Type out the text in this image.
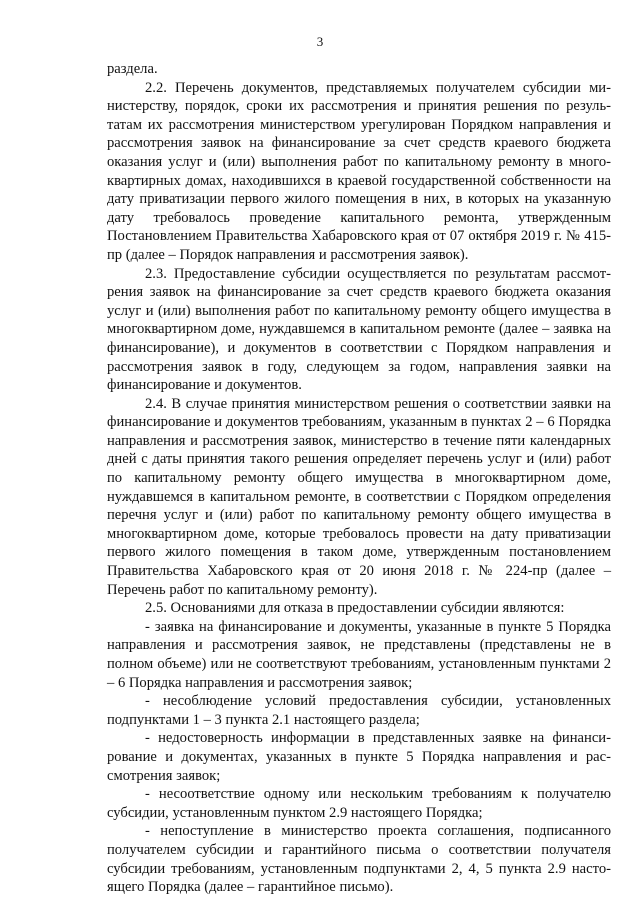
3

раздела.

2.2. Перечень документов, представляемых получателем субсидии министерству, порядок, сроки их рассмотрения и принятия решения по результатам их рассмотрения министерством урегулирован Порядком направления и рассмотрения заявок на финансирование за счет средств краевого бюджета оказания услуг и (или) выполнения работ по капитальному ремонту в многоквартирных домах, находившихся в краевой государственной собственности на дату приватизации первого жилого помещения в них, в которых на указанную дату требовалось проведение капитального ремонта, утвержденным Постановлением Правительства Хабаровского края от 07 октября 2019 г. № 415-пр (далее – Порядок направления и рассмотрения заявок).

2.3. Предоставление субсидии осуществляется по результатам рассмотрения заявок на финансирование за счет средств краевого бюджета оказания услуг и (или) выполнения работ по капитальному ремонту общего имущества в многоквартирном доме, нуждавшемся в капитальном ремонте (далее – заявка на финансирование), и документов в соответствии с Порядком направления и рассмотрения заявок в году, следующем за годом, направления заявки на финансирование и документов.

2.4. В случае принятия министерством решения о соответствии заявки на финансирование и документов требованиям, указанным в пунктах 2 – 6 Порядка направления и рассмотрения заявок, министерство в течение пяти календарных дней с даты принятия такого решения определяет перечень услуг и (или) работ по капитальному ремонту общего имущества в многоквартирном доме, нуждавшемся в капитальном ремонте, в соответствии с Порядком определения перечня услуг и (или) работ по капитальному ремонту общего имущества в многоквартирном доме, которые требовалось провести на дату приватизации первого жилого помещения в таком доме, утвержденным постановлением Правительства Хабаровского края от 20 июня 2018 г. № 224-пр (далее – Перечень работ по капитальному ремонту).

2.5. Основаниями для отказа в предоставлении субсидии являются:

- заявка на финансирование и документы, указанные в пункте 5 Порядка направления и рассмотрения заявок, не представлены (представлены не в полном объеме) или не соответствуют требованиям, установленным пунктами 2 – 6 Порядка направления и рассмотрения заявок;

- несоблюдение условий предоставления субсидии, установленных подпунктами 1 – 3 пункта 2.1 настоящего раздела;

- недостоверность информации в представленных заявке на финансирование и документах, указанных в пункте 5 Порядка направления и рассмотрения заявок;

- несоответствие одному или нескольким требованиям к получателю субсидии, установленным пунктом 2.9 настоящего Порядка;

- непоступление в министерство проекта соглашения, подписанного получателем субсидии и гарантийного письма о соответствии получателя субсидии требованиям, установленным подпунктами 2, 4, 5 пункта 2.9 настоящего Порядка (далее – гарантийное письмо).
